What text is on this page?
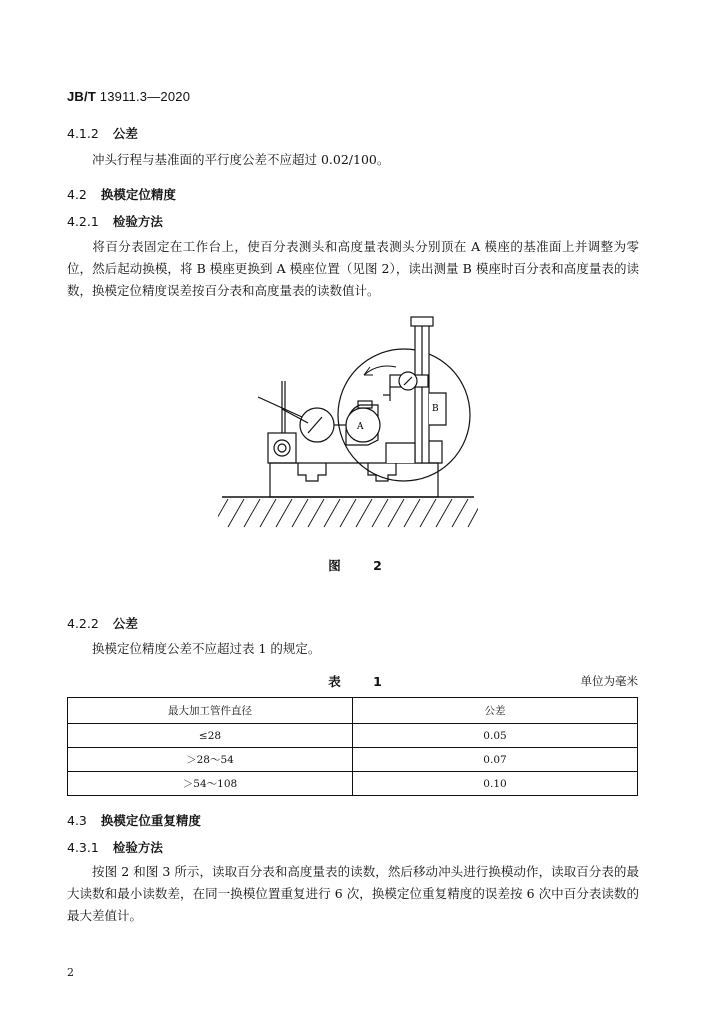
JB/T 13911.3—2020
4.1.2 公差
冲头行程与基准面的平行度公差不应超过 0.02/100。
4.2 换模定位精度
4.2.1 检验方法
将百分表固定在工作台上，使百分表测头和高度量表测头分别顶在 A 模座的基准面上并调整为零位，然后起动换模，将 B 模座更换到 A 模座位置（见图 2），读出测量 B 模座时百分表和高度量表的读数，换模定位精度误差按百分表和高度量表的读数值计。
A
B
图 2
4.2.2 公差
换模定位精度公差不应超过表 1 的规定。
表 1	单位为毫米
最大加工管件直径	公差
≤28	0.05
＞28～54	0.07
＞54～108	0.10
4.3 换模定位重复精度
4.3.1 检验方法
按图 2 和图 3 所示，读取百分表和高度量表的读数，然后移动冲头进行换模动作，读取百分表的最大读数和最小读数差，在同一换模位置重复进行 6 次，换模定位重复精度的误差按 6 次中百分表读数的最大差值计。
2
